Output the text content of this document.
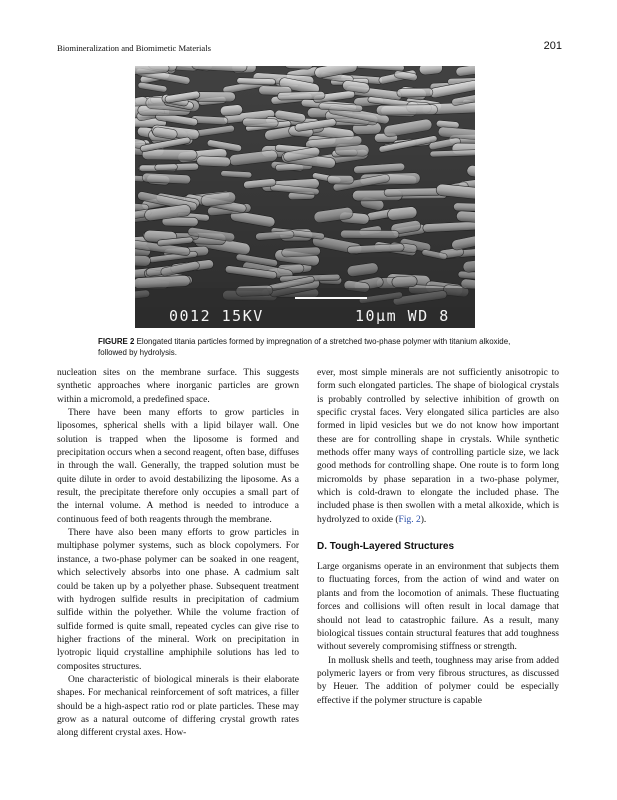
Biomineralization and Biomimetic Materials	201
0012 15KV	10µm WD 8
FIGURE 2 Elongated titania particles formed by impregnation of a stretched two-phase polymer with titanium alkoxide, followed by hydrolysis.

nucleation sites on the membrane surface. This suggests synthetic approaches where inorganic particles are grown within a micromold, a predefined space.

There have been many efforts to grow particles in liposomes, spherical shells with a lipid bilayer wall. One solution is trapped when the liposome is formed and precipitation occurs when a second reagent, often base, diffuses in through the wall. Generally, the trapped solution must be quite dilute in order to avoid destabilizing the liposome. As a result, the precipitate therefore only occupies a small part of the internal volume. A method is needed to introduce a continuous feed of both reagents through the membrane.

There have also been many efforts to grow particles in multiphase polymer systems, such as block copolymers. For instance, a two-phase polymer can be soaked in one reagent, which selectively absorbs into one phase. A cadmium salt could be taken up by a polyether phase. Subsequent treatment with hydrogen sulfide results in precipitation of cadmium sulfide within the polyether. While the volume fraction of sulfide formed is quite small, repeated cycles can give rise to higher fractions of the mineral. Work on precipitation in lyotropic liquid crystalline amphiphile solutions has led to composites structures.

One characteristic of biological minerals is their elaborate shapes. For mechanical reinforcement of soft matrices, a filler should be a high-aspect ratio rod or plate particles. These may grow as a natural outcome of differing crystal growth rates along different crystal axes. How-

ever, most simple minerals are not sufficiently anisotropic to form such elongated particles. The shape of biological crystals is probably controlled by selective inhibition of growth on specific crystal faces. Very elongated silica particles are also formed in lipid vesicles but we do not know how important these are for controlling shape in crystals. While synthetic methods offer many ways of controlling particle size, we lack good methods for controlling shape. One route is to form long micromolds by phase separation in a two-phase polymer, which is cold-drawn to elongate the included phase. The included phase is then swollen with a metal alkoxide, which is hydrolyzed to oxide (Fig. 2).

D. Tough-Layered Structures

Large organisms operate in an environment that subjects them to fluctuating forces, from the action of wind and water on plants and from the locomotion of animals. These fluctuating forces and collisions will often result in local damage that should not lead to catastrophic failure. As a result, many biological tissues contain structural features that add toughness without severely compromising stiffness or strength.

In mollusk shells and teeth, toughness may arise from added polymeric layers or from very fibrous structures, as discussed by Heuer. The addition of polymer could be especially effective if the polymer structure is capable
